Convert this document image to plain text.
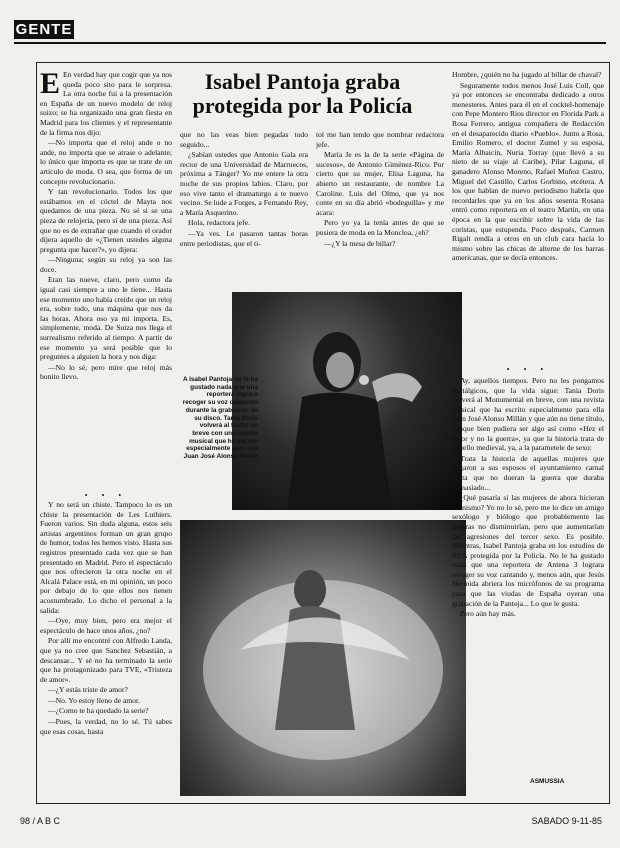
GENTE
Isabel Pantoja graba protegida por la Policía

E En verdad hay que cogir que ya nos queda poco sito para le sorpresa. La otra noche fui a la presentación en España de un nuevo modelo de reloj suizo; se ha organizado una gran fiesta en Madrid para los clientes y el representante de la firma nos dijo:

—No importa que el reloj ande o no ande, no importa que se atrase o adelante; lo único que importa es que se trate de un artículo de moda. O sea, que forma de un concepto revolucionario.

Y tan revolucionario. Todos los que estábamos en el cóctel de Mayta nos quedamos de una pieza. No sé si se una pieza de relojería, pero sí de una pieza. Así que no es de extrañar que cuando el orador dijera aquello de «¿Tienen ustedes alguna pregunta que hacer?», yo dijera:

—Ninguna; según su reloj ya son las doce.

Eran las nueve, claro, pero como da igual casi siempre a uno le tiene... Hasta ese momento uno había creído que un reloj era, sobre todo, una máquina que nos da las horas. Ahora oso ya mi importa. Es, simplemente, moda. De Suiza nos llega el surrealismo referido al tiempo. A partir de ese momento ya será posible que lo preguntes a alguien la hora y nos diga:

—No lo sé, pero mire que reloj más bonito llevo.

• • •

Y no será un chiste. Tampoco lo es un chiste la presentación de Les Luthiers. Fueron varios. Sin duda alguna, estos seis artistas argentinos forman un gran grupo de humor, todos les hemos visto. Hasta sus registros presentado cada vez que se han presentado en Madrid. Pero el espectáculo que nos ofrecieron la otra noche en el Alcalá Palace está, en mi opinión, un poco por debajo de lo que ellos nos tienen acostumbrado. Lo dicho el personal a la salida:

—Oye, muy bien, pero era mejor el espectáculo de hace unos años, ¿no?

Por allí me encontré con Alfredo Landa, que ya no cree que Sanchez Sebastián, a descansar... Y sé no ha terminado la serie que ha protagonizado para TVE, «Tristeza de amor».

—¿Y estás triste de amor?

—No. Yo estoy lleno de amor.

—¿Como te ha quedado la serie?

—Pues, la verdad, no lo sé. Tú sabes que esas cosas, hasta

que no las veas bien pegadas todo seguido...

¿Sabían ustedes que Antonio Gala era rector de una Universidad de Marruecos, próxima a Tánger? Yo me entere la otra noche de sus propios labios. Claro, por eso vive tanto el dramaturgo a te nuevo vecino. Se lude a Forges, a Fernando Rey, a María Asquerino.

Hola, redactora jefe.

—Ya ves. Le pasaron tantas horas entre periodistas, que el ti-

tol me han tendo que nombrar redactora jefe.

María Je es la de la serie «Página de sucesos», de Antonio Giménez-Rico. Por cierto que su mujer, Elisa Laguna, ha abierto un restaurante, de nombre La Caroline. Luis del Olmo, que ya nos conte en su día abrió «bodeguilla» y me acara:

Pero yo ya la tenía antes de que se pusiera de moda en la Moncloa, ¿eh?

—¿Y la mesa de billar?

A Isabel Pantoja no le ha gustado nada que una reportera lograre recoger su voz cantando durante la grabación de su disco. Tania Doris volverá al teatro en breve con una revista musical que ha escrito especialmente para ella Juan José Alonso Millán

Hombre, ¿quién no ha jugado al billar de chaval?

Seguramente todos menos José Luis Coll, que ya por entonces se encontraba dedicado a otros menesteres. Antes para él en el cocktel-homenaje con Pepe Montero Rios director en Florida Park a Rosa Ferrero, antigua compañera de Redacción en el desaparecido diario «Pueblo». Junto a Rosa, Emilio Romero, el doctor Zumel y su esposa, María Albaicín, Nuria Torray (que llevó a su nieto de su viaje al Caribe), Pilar Laguna, el ganadero Alonso Moreno, Rafael Muñoz Castro, Miguel del Castillo, Carlos Gorbino, etcétera. A los que hablan de nuevo periodismo habría que recordarles que ya en los años sesenta Rosana entró como reportera en el teatro Martín, en una época en la que escribir sobre la vida de las coristas, que estupenda. Poco después, Carmen Rigalt rendía a otros en un club cara hacia lo mismo sobre las chicas de alterne de los barras americanas, que se decía entonces.

• • •

Ay, aquellos tiempos. Pero no les pongamos nostálgicos, que la vida sigue: Tania Doris volverá al Monumental en breve, con una revista musical que ha escrito especialmente para ella Juan José Alonso Millán y que aún no tiene título, aunque bien pudiera ser algo así como «Hez el amor y no la guerra», ya que la historia trata de aquello medieval, ya, a la parametele de sexo:

Trata la historia de aquellas mujeres que negaron a sus esposos el ayuntamiento carnal hasta que no dueran la guerra que duraba demasiado...

¿Qué pasaría si las mujeres de ahora hicieran lo mismo? Yo no lo sé, pero me lo dice un amigo sexólogo y biólogo que probablemente las guerras no disminuirían, pero que aumentarían las agresiones del tercer sexo. Es posible. Mientras, Isabel Pantoja graba en los estudios de RCA protegida por la Policía. No le ha gustado nada que una reportera de Antena 3 lograra recoger su voz cantando y, menos aún, que Jesús Hermida abriera los micrófonos de su programa para que las viudas de España oyeran una grabación de la Pantoja... Lo que le gusta.

Pero aún hay más.

ASMUSSIA
98 / A B C	SABADO 9-11-85
